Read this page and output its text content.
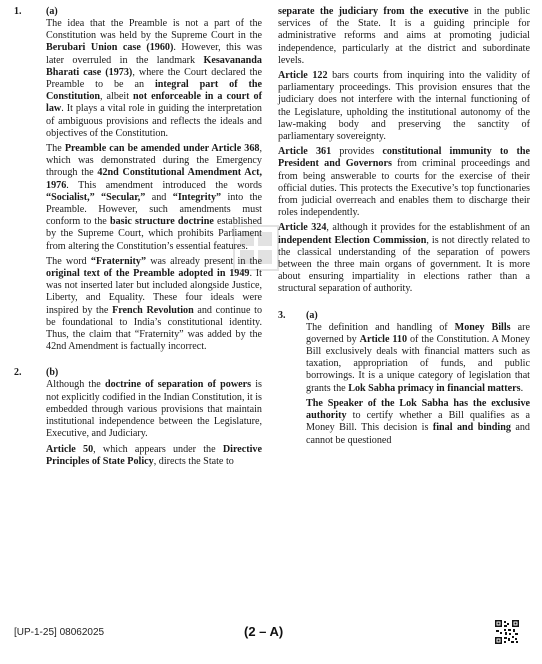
1.	(a)

The idea that the Preamble is not a part of the Constitution was held by the Supreme Court in the Berubari Union case (1960). However, this was later overruled in the landmark Kesavananda Bharati case (1973), where the Court declared the Preamble to be an integral part of the Constitution, albeit not enforceable in a court of law. It plays a vital role in guiding the interpretation of ambiguous provisions and reflects the ideals and objectives of the Constitution.

The Preamble can be amended under Article 368, which was demonstrated during the Emergency through the 42nd Constitutional Amendment Act, 1976. This amendment introduced the words “Socialist,” “Secular,” and “Integrity” into the Preamble. However, such amendments must conform to the basic structure doctrine established by the Supreme Court, which prohibits Parliament from altering the Constitution’s essential features.

The word “Fraternity” was already present in the original text of the Preamble adopted in 1949. It was not inserted later but included alongside Justice, Liberty, and Equality. These four ideals were inspired by the French Revolution and continue to be foundational to India’s constitutional identity. Thus, the claim that “Fraternity” was added by the 42nd Amendment is factually incorrect.

2.	(b)

Although the doctrine of separation of powers is not explicitly codified in the Indian Constitution, it is embedded through various provisions that maintain institutional independence between the Legislature, Executive, and Judiciary.

Article 50, which appears under the Directive Principles of State Policy, directs the State to

separate the judiciary from the executive in the public services of the State. It is a guiding principle for administrative reforms and aims at promoting judicial independence, particularly at the district and subordinate levels.

Article 122 bars courts from inquiring into the validity of parliamentary proceedings. This provision ensures that the judiciary does not interfere with the internal functioning of the Legislature, upholding the institutional autonomy of the law-making body and preserving the sanctity of parliamentary sovereignty.

Article 361 provides constitutional immunity to the President and Governors from criminal proceedings and from being answerable to courts for the exercise of their official duties. This protects the Executive’s top functionaries from judicial overreach and enables them to discharge their roles independently.

Article 324, although it provides for the establishment of an independent Election Commission, is not directly related to the classical understanding of the separation of powers between the three main organs of government. It is more about ensuring impartiality in elections rather than a structural separation of authority.

3.	(a)

The definition and handling of Money Bills are governed by Article 110 of the Constitution. A Money Bill exclusively deals with financial matters such as taxation, appropriation of funds, and public borrowings. It is a unique category of legislation that grants the Lok Sabha primacy in financial matters.

The Speaker of the Lok Sabha has the exclusive authority to certify whether a Bill qualifies as a Money Bill. This decision is final and binding and cannot be questioned

[UP-1-25] 08062025	(2 – A)
